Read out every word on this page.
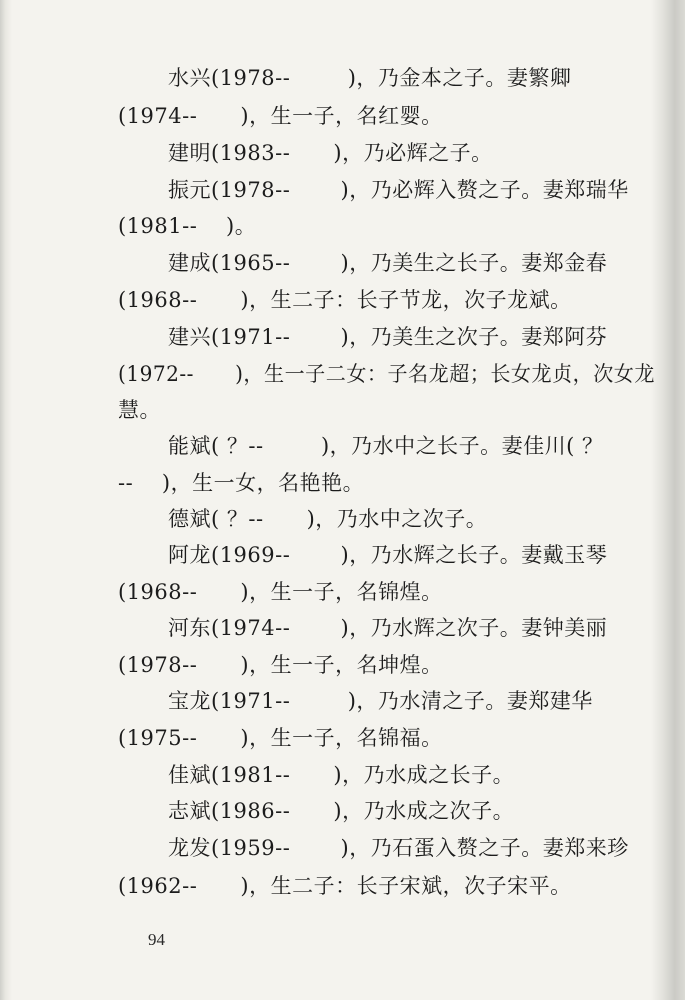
水兴(1978--        )，乃金本之子。妻繁卿
(1974--      )，生一子，名红婴。
建明(1983--      )，乃必辉之子。
振元(1978--       )，乃必辉入赘之子。妻郑瑞华
(1981--    )。
建成(1965--       )，乃美生之长子。妻郑金春
(1968--      )，生二子：长子节龙，次子龙斌。
建兴(1971--       )，乃美生之次子。妻郑阿芬
(1972--      )，生一子二女：子名龙超；长女龙贞，次女龙
慧。
能斌( ？--        )，乃水中之长子。妻佳川( ？
--    )，生一女，名艳艳。
德斌( ？--      )，乃水中之次子。
阿龙(1969--       )，乃水辉之长子。妻戴玉琴
(1968--      )，生一子，名锦煌。
河东(1974--       )，乃水辉之次子。妻钟美丽
(1978--      )，生一子，名坤煌。
宝龙(1971--        )，乃水清之子。妻郑建华
(1975--      )，生一子，名锦福。
佳斌(1981--      )，乃水成之长子。
志斌(1986--      )，乃水成之次子。
龙发(1959--       )，乃石蛋入赘之子。妻郑来珍
(1962--      )，生二子：长子宋斌，次子宋平。
94
